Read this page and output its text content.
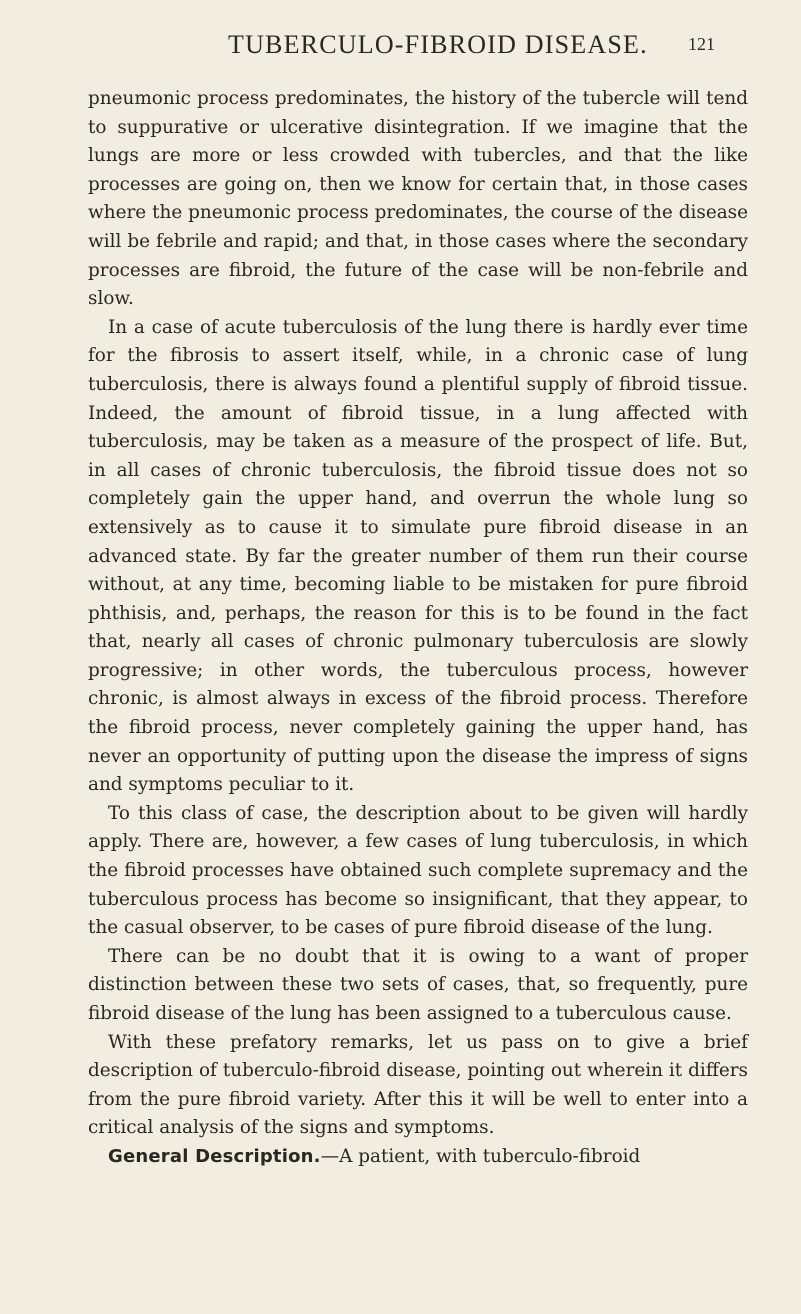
TUBERCULO-FIBROID DISEASE. 121

pneumonic process predominates, the history of the tubercle will tend to suppurative or ulcerative disintegration. If we imagine that the lungs are more or less crowded with tubercles, and that the like processes are going on, then we know for certain that, in those cases where the pneumonic process predominates, the course of the disease will be febrile and rapid; and that, in those cases where the secondary processes are fibroid, the future of the case will be non-febrile and slow.

In a case of acute tuberculosis of the lung there is hardly ever time for the fibrosis to assert itself, while, in a chronic case of lung tuberculosis, there is always found a plentiful supply of fibroid tissue. Indeed, the amount of fibroid tissue, in a lung affected with tuberculosis, may be taken as a measure of the prospect of life. But, in all cases of chronic tuberculosis, the fibroid tissue does not so completely gain the upper hand, and overrun the whole lung so extensively as to cause it to simulate pure fibroid disease in an advanced state. By far the greater number of them run their course without, at any time, becoming liable to be mistaken for pure fibroid phthisis, and, perhaps, the reason for this is to be found in the fact that, nearly all cases of chronic pulmonary tuberculosis are slowly progressive; in other words, the tuberculous process, however chronic, is almost always in excess of the fibroid process. Therefore the fibroid process, never completely gaining the upper hand, has never an opportunity of putting upon the disease the impress of signs and symptoms peculiar to it.

To this class of case, the description about to be given will hardly apply. There are, however, a few cases of lung tuberculosis, in which the fibroid processes have obtained such complete supremacy and the tuberculous process has become so insignificant, that they appear, to the casual observer, to be cases of pure fibroid disease of the lung.

There can be no doubt that it is owing to a want of proper distinction between these two sets of cases, that, so frequently, pure fibroid disease of the lung has been assigned to a tuberculous cause.

With these prefatory remarks, let us pass on to give a brief description of tuberculo-fibroid disease, pointing out wherein it differs from the pure fibroid variety. After this it will be well to enter into a critical analysis of the signs and symptoms.

General Description.—A patient, with tuberculo-fibroid
